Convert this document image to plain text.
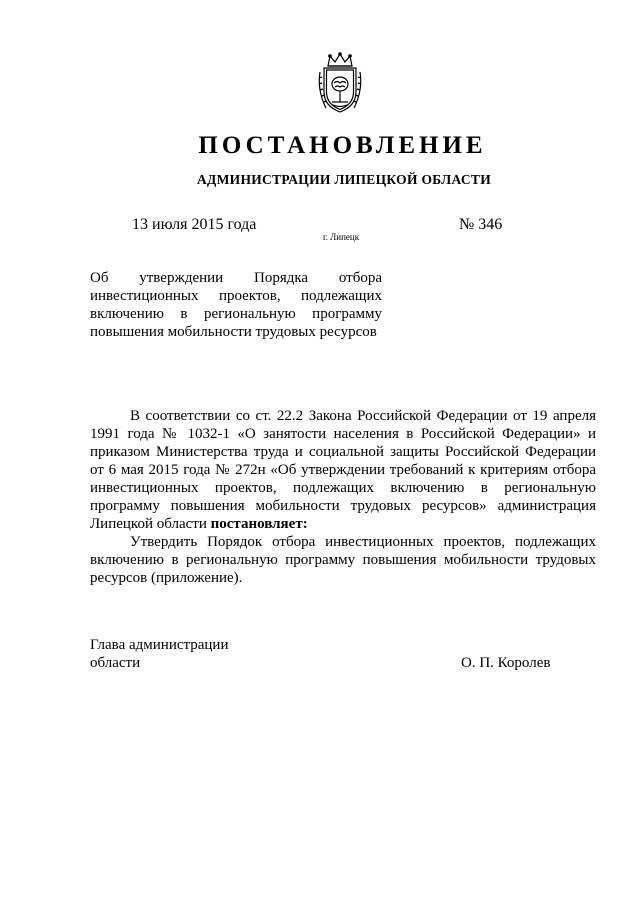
ПОСТАНОВЛЕНИЕ
АДМИНИСТРАЦИИ ЛИПЕЦКОЙ ОБЛАСТИ
13 июля 2015 года
г. Липецк
№ 346
Об утверждении Порядка отбора
инвестиционных проектов, подлежащих
включению в региональную программу
повышения мобильности трудовых ресурсов

В соответствии со ст. 22.2 Закона Российской Федерации от 19 апреля
1991 года № 1032-1 «О занятости населения в Российской Федерации» и
приказом Министерства труда и социальной защиты Российской Федерации
от 6 мая 2015 года № 272н «Об утверждении требований к критериям отбора
инвестиционных проектов, подлежащих включению в региональную
программу повышения мобильности трудовых ресурсов» администрация
Липецкой области постановляет:

Утвердить Порядок отбора инвестиционных проектов, подлежащих
включению в региональную программу повышения мобильности трудовых
ресурсов (приложение).

Глава администрации
области	О. П. Королев
